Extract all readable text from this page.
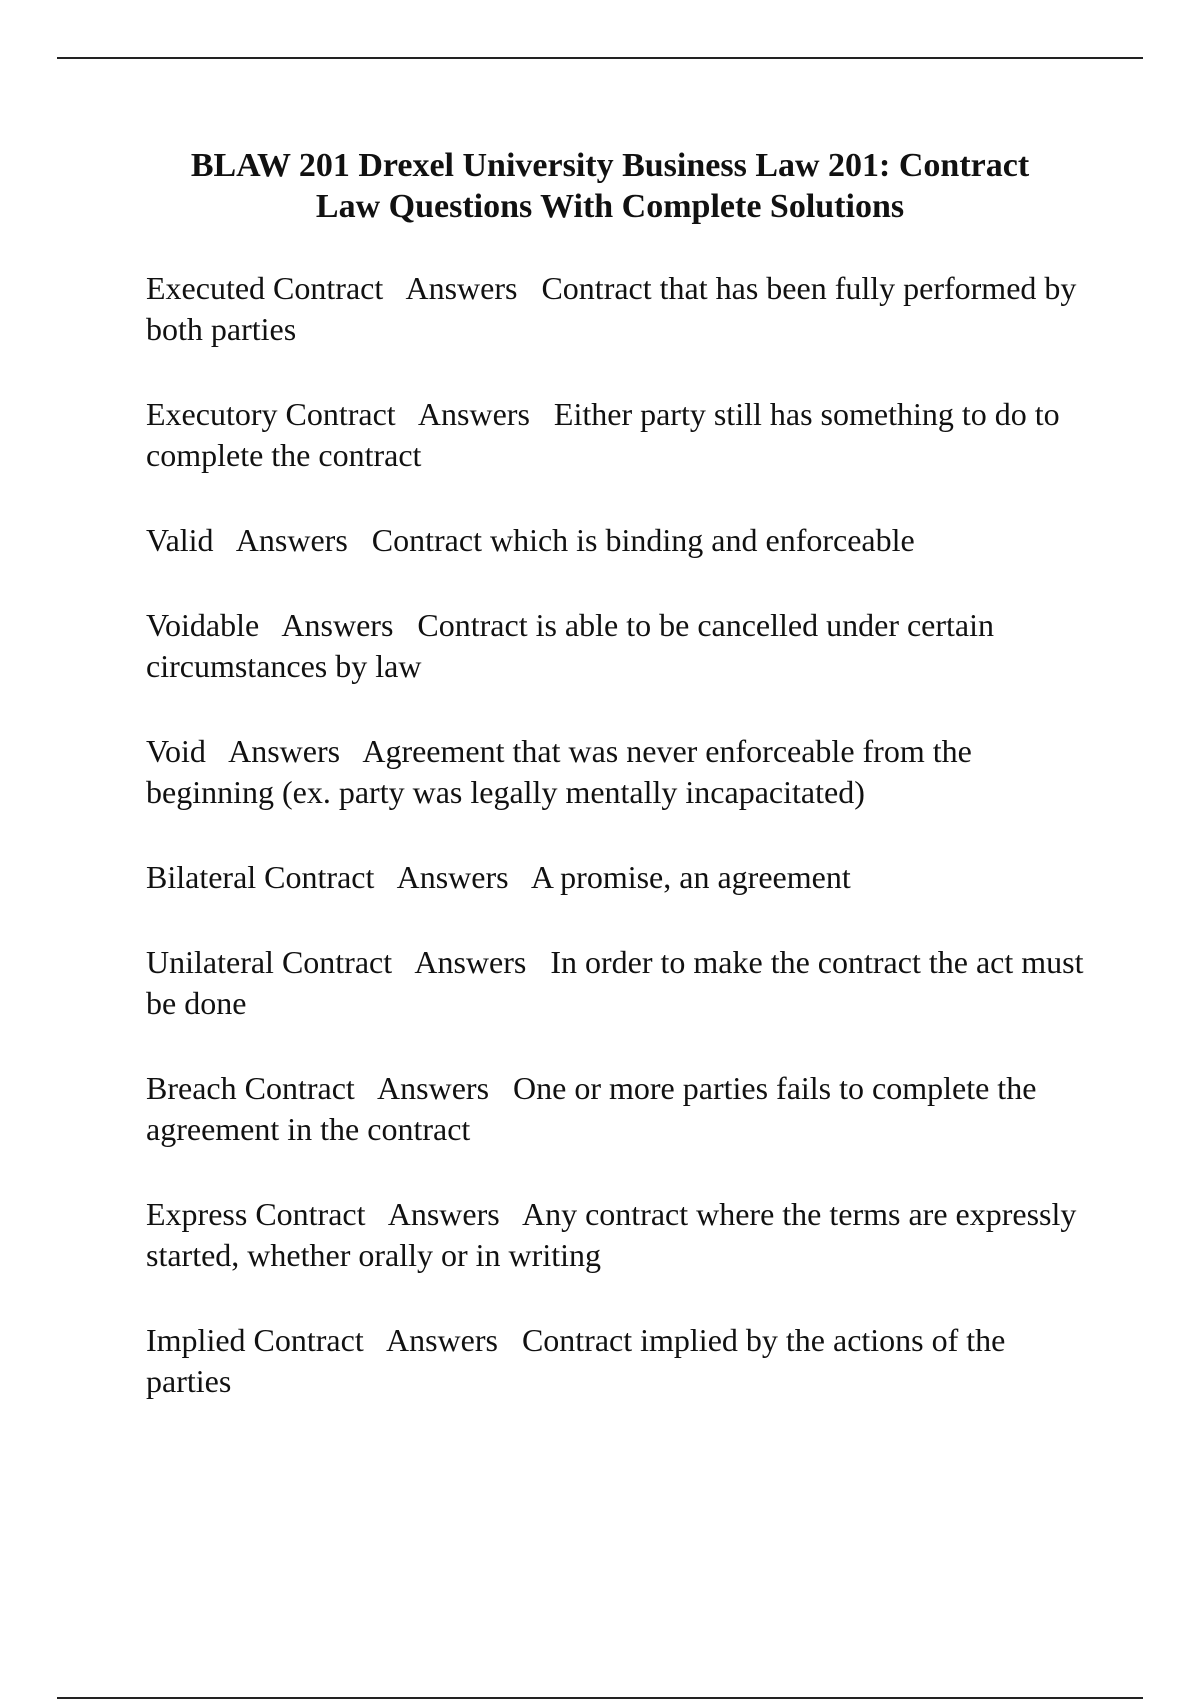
BLAW 201 Drexel University Business Law 201: Contract
Law Questions With Complete Solutions
Executed Contract Answers Contract that has been fully performed by both parties
Executory Contract Answers Either party still has something to do to complete the contract
Valid Answers Contract which is binding and enforceable
Voidable Answers Contract is able to be cancelled under certain circumstances by law
Void Answers Agreement that was never enforceable from the beginning (ex. party was legally mentally incapacitated)
Bilateral Contract Answers A promise, an agreement
Unilateral Contract Answers In order to make the contract the act must be done
Breach Contract Answers One or more parties fails to complete the agreement in the contract
Express Contract Answers Any contract where the terms are expressly started, whether orally or in writing
Implied Contract Answers Contract implied by the actions of the parties
